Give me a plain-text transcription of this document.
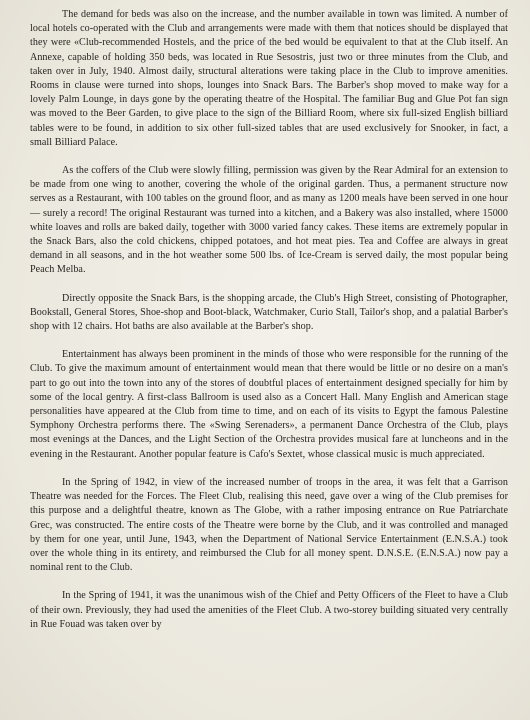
The demand for beds was also on the increase, and the number available in town was limited. A number of local hotels co-operated with the Club and arrangements were made with them that notices should be displayed that they were «Club-recommended Hostels, and the price of the bed would be equivalent to that at the Club itself. An Annexe, capable of holding 350 beds, was located in Rue Sesostris, just two or three minutes from the Club, and taken over in July, 1940. Almost daily, structural alterations were taking place in the Club to improve amenities. Rooms in clause were turned into shops, lounges into Snack Bars. The Barber's shop moved to make way for a lovely Palm Lounge, in days gone by the operating theatre of the Hospital. The familiar Bug and Glue Pot fan sign was moved to the Beer Garden, to give place to the sign of the Billiard Room, where six full-sized English billiard tables were to be found, in addition to six other full-sized tables that are used exclusively for Snooker, in fact, a small Billiard Palace.

As the coffers of the Club were slowly filling, permission was given by the Rear Admiral for an extension to be made from one wing to another, covering the whole of the original garden. Thus, a permanent structure now serves as a Restaurant, with 100 tables on the ground floor, and as many as 1200 meals have been served in one hour — surely a record! The original Restaurant was turned into a kitchen, and a Bakery was also installed, where 15000 white loaves and rolls are baked daily, together with 3000 varied fancy cakes. These items are extremely popular in the Snack Bars, also the cold chickens, chipped potatoes, and hot meat pies. Tea and Coffee are always in great demand in all seasons, and in the hot weather some 500 lbs. of Ice-Cream is served daily, the most popular being Peach Melba.

Directly opposite the Snack Bars, is the shopping arcade, the Club's High Street, consisting of Photographer, Bookstall, General Stores, Shoe-shop and Boot-black, Watchmaker, Curio Stall, Tailor's shop, and a palatial Barber's shop with 12 chairs. Hot baths are also available at the Barber's shop.

Entertainment has always been prominent in the minds of those who were responsible for the running of the Club. To give the maximum amount of entertainment would mean that there would be little or no desire on a man's part to go out into the town into any of the stores of doubtful places of entertainment designed specially for him by some of the local gentry. A first-class Ballroom is used also as a Concert Hall. Many English and American stage personalities have appeared at the Club from time to time, and on each of its visits to Egypt the famous Palestine Symphony Orchestra performs there. The «Swing Serenaders», a permanent Dance Orchestra of the Club, plays most evenings at the Dances, and the Light Section of the Orchestra provides musical fare at luncheons and in the evening in the Restaurant. Another popular feature is Cafo's Sextet, whose classical music is much appreciated.

In the Spring of 1942, in view of the increased number of troops in the area, it was felt that a Garrison Theatre was needed for the Forces. The Fleet Club, realising this need, gave over a wing of the Club premises for this purpose and a delightful theatre, known as The Globe, with a rather imposing entrance on Rue Patriarchate Grec, was constructed. The entire costs of the Theatre were borne by the Club, and it was controlled and managed by them for one year, until June, 1943, when the Department of National Service Entertainment (E.N.S.A.) took over the whole thing in its entirety, and reimbursed the Club for all money spent. D.N.S.E. (E.N.S.A.) now pay a nominal rent to the Club.

In the Spring of 1941, it was the unanimous wish of the Chief and Petty Officers of the Fleet to have a Club of their own. Previously, they had used the amenities of the Fleet Club. A two-storey building situated very centrally in Rue Fouad was taken over by
